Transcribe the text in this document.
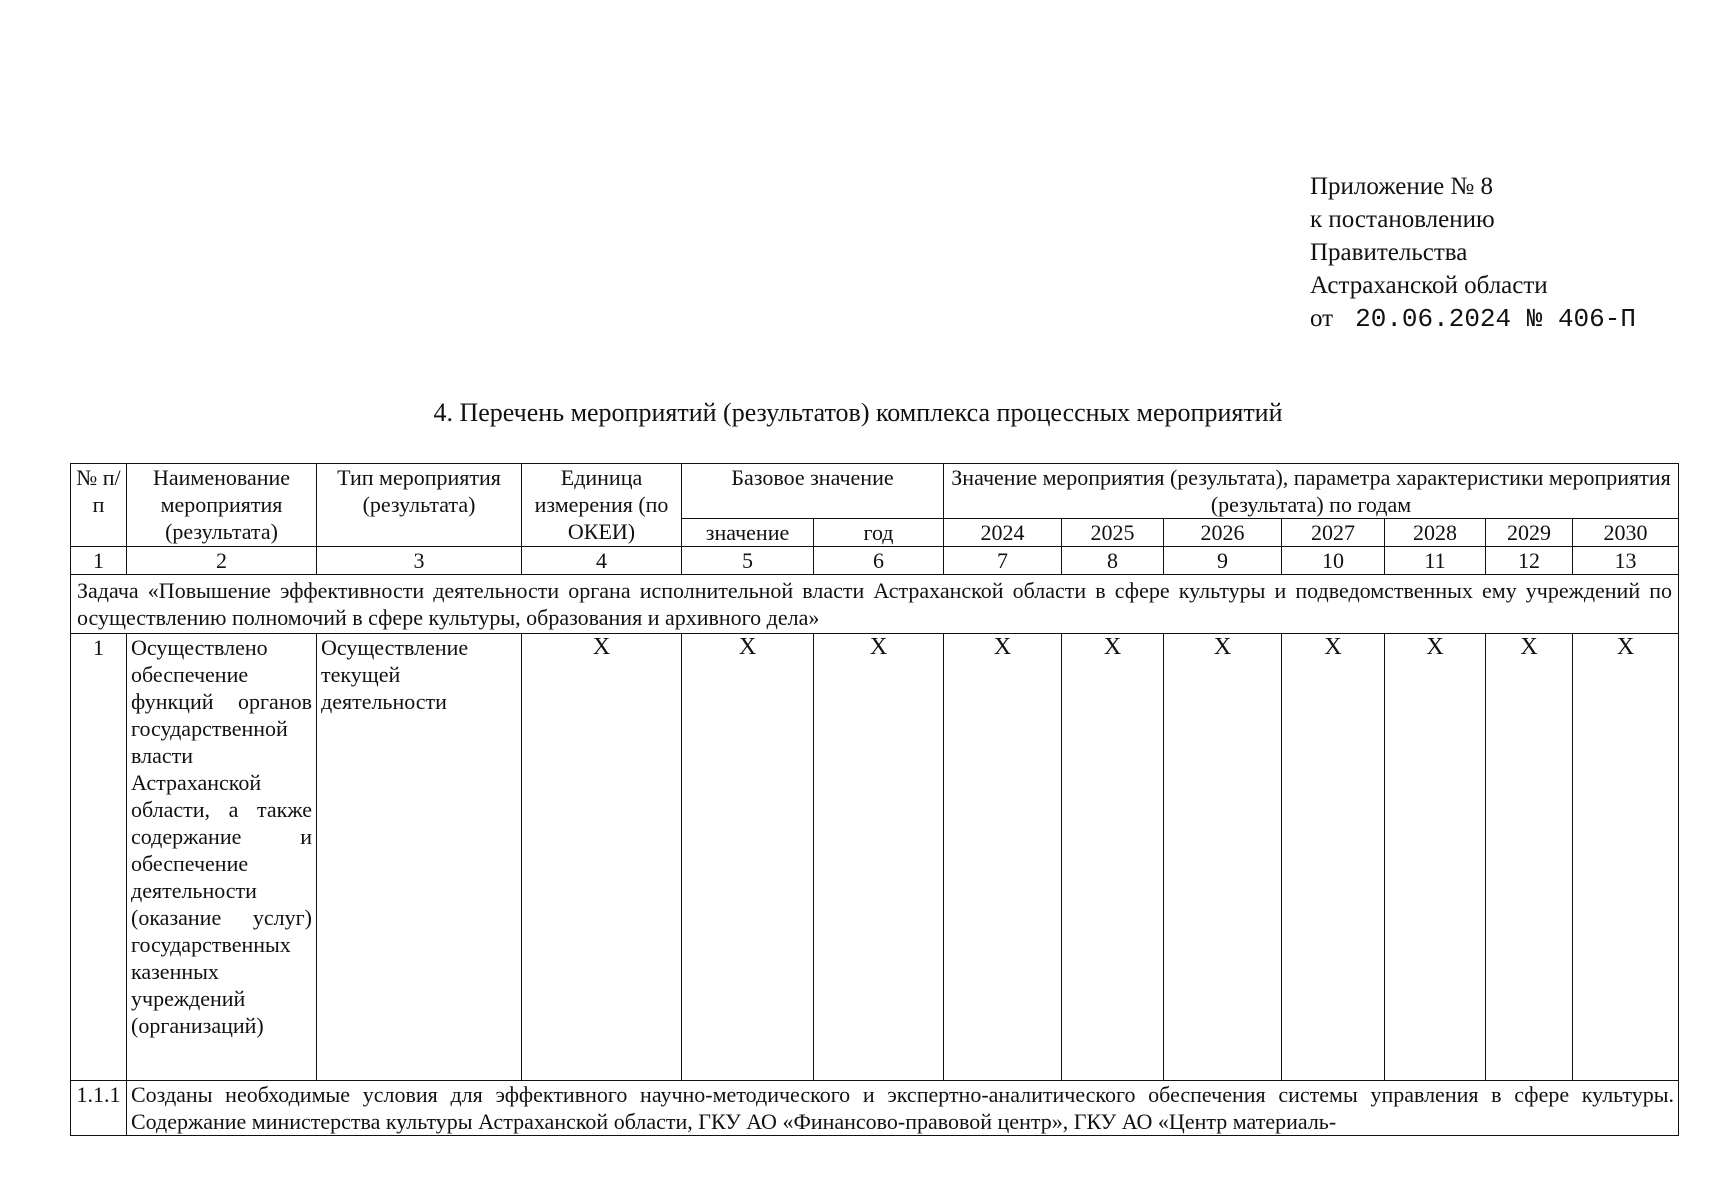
Приложение № 8
к постановлению
Правительства
Астраханской области
от 20.06.2024 № 406-П
4. Перечень мероприятий (результатов) комплекса процессных мероприятий
№ п/п	Наименование мероприятия (результата)	Тип мероприятия (результата)	Единица измерения (по ОКЕИ)	Базовое значение		Значение мероприятия (результата), параметра характеристики мероприятия (результата) по годам						
				значение	год	2024	2025	2026	2027	2028	2029	2030
1	2	3	4	5	6	7	8	9	10	11	12	13
Задача «Повышение эффективности деятельности органа исполнительной власти Астраханской области в сфере культуры и подведомственных ему учреждений по осуществлению полномочий в сфере культуры, образования и архивного дела»												
1	Осуществлено обеспечение функций органов государственной власти Астраханской области, а также содержание и обеспечение деятельности (оказание услуг) государственных казенных учреждений (организаций)	Осуществление текущей деятельности	Х	Х	Х	Х	Х	Х	Х	Х	Х	Х
1.1.1	Созданы необходимые условия для эффективного научно-методического и экспертно-аналитического обеспечения системы управления в сфере культуры. Содержание министерства культуры Астраханской области, ГКУ АО «Финансово-правовой центр», ГКУ АО «Центр материаль-											
